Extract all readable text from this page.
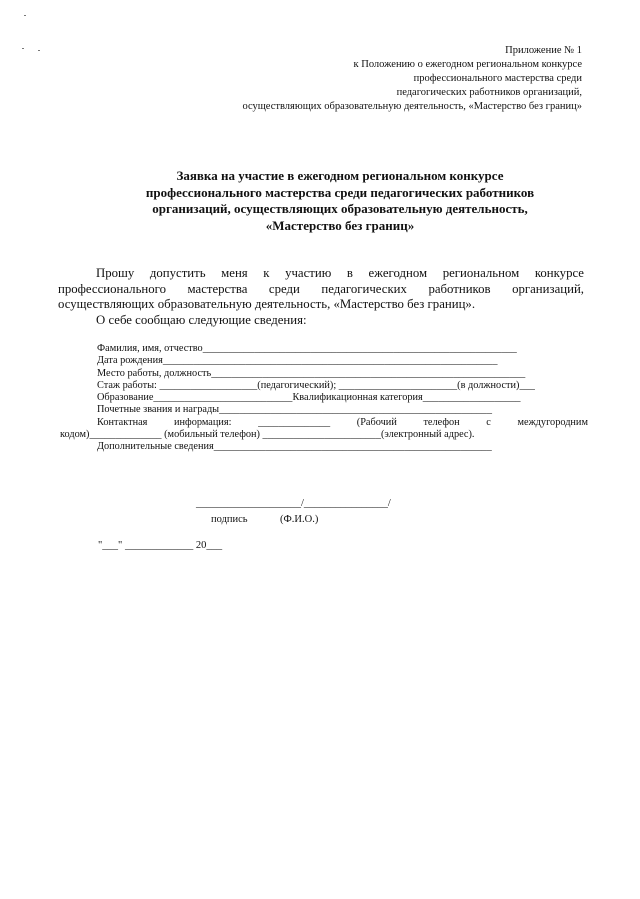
Приложение № 1
к Положению о ежегодном региональном конкурсе
профессионального мастерства среди
педагогических работников организаций,
осуществляющих образовательную деятельность, «Мастерство без границ»
Заявка на участие в ежегодном региональном конкурсе
профессионального мастерства среди педагогических работников
организаций, осуществляющих образовательную деятельность,
«Мастерство без границ»

Прошу допустить меня к участию в ежегодном региональном конкурсе профессионального мастерства среди педагогических работников организаций, осуществляющих образовательную деятельность, «Мастерство без границ».

О себе сообщаю следующие сведения:

Фамилия, имя, отчество_____________________________________________________________
Дата рождения_________________________________________________________________
Место работы, должность_____________________________________________________________
Стаж работы: ___________________(педагогический); _______________________(в должности)___
Образование___________________________Квалификационная категория___________________
Почетные звания и награды_____________________________________________________
Контактная	информация:	______________	(Рабочий	телефон	с	междугородним
кодом)______________ (мобильный телефон) _______________________(электронный адрес).
Дополнительные сведения______________________________________________________
____________________/________________/
подпись	(Ф.И.О.)
"___" _____________ 20___
